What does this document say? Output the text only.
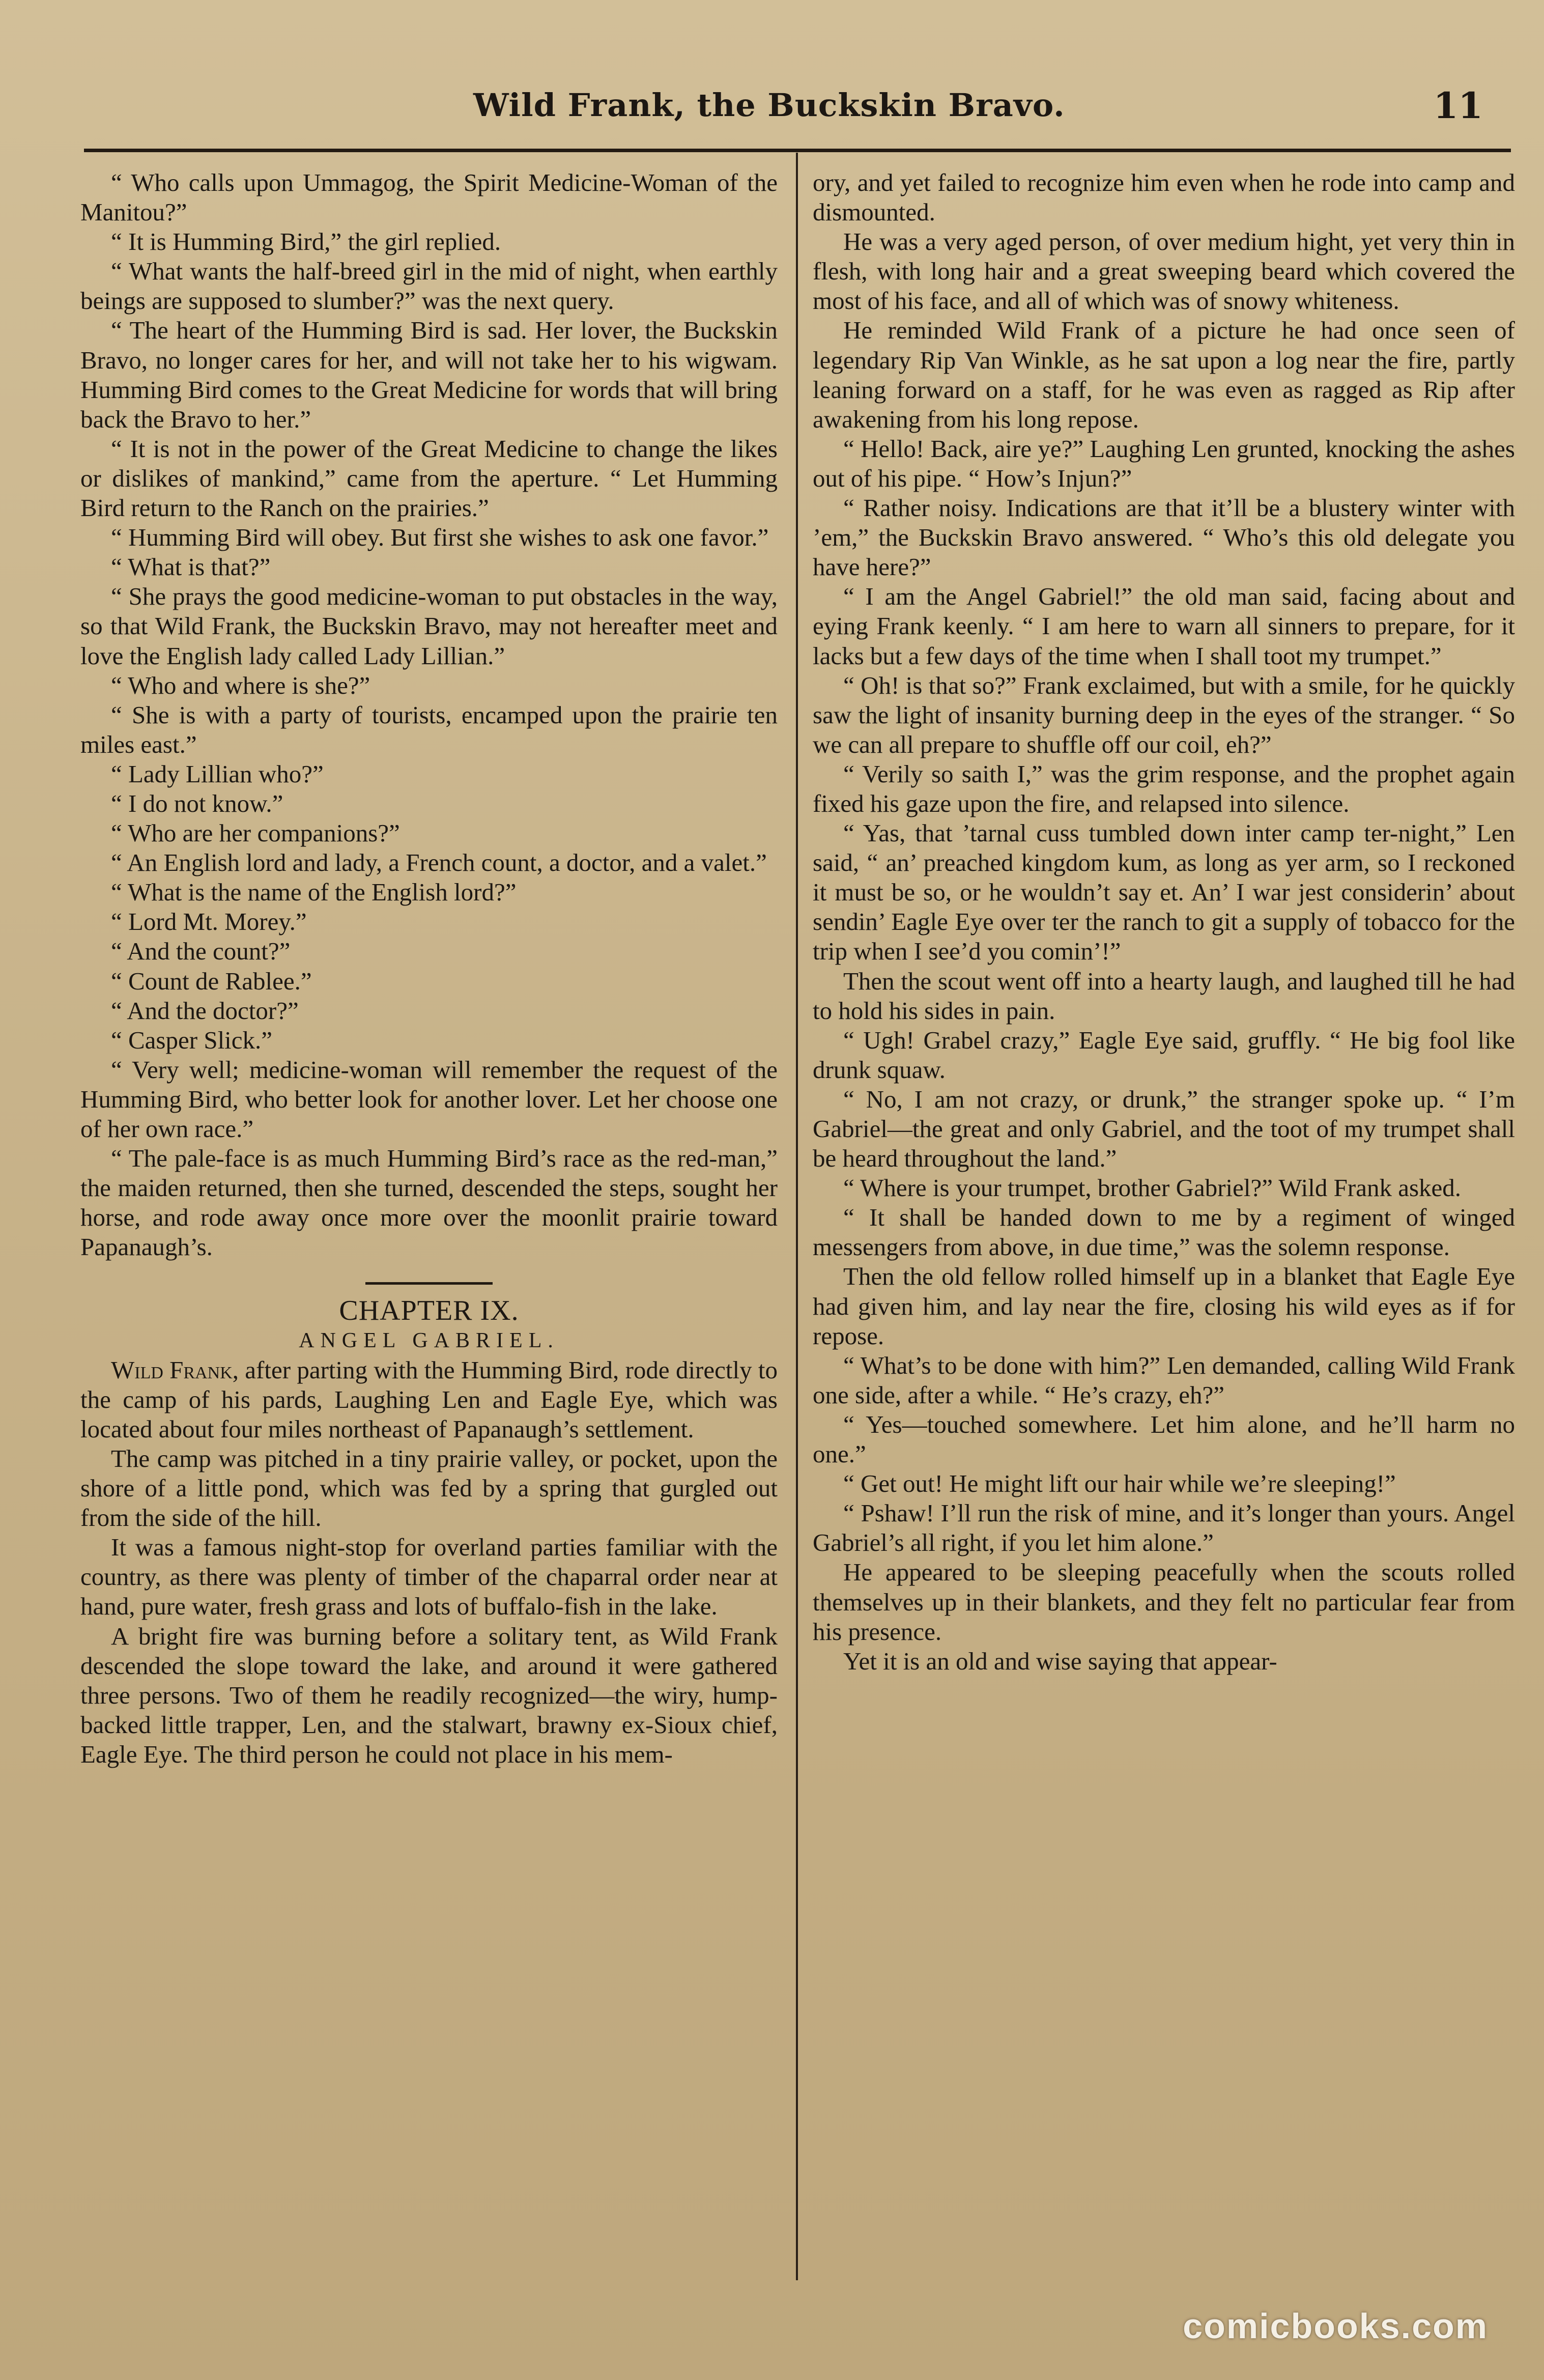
Wild Frank, the Buckskin Bravo.	11

“ Who calls upon Ummagog, the Spirit Medicine-Woman of the Manitou?”

“ It is Humming Bird,” the girl replied.

“ What wants the half-breed girl in the mid of night, when earthly beings are supposed to slumber?” was the next query.

“ The heart of the Humming Bird is sad. Her lover, the Buckskin Bravo, no longer cares for her, and will not take her to his wigwam. Humming Bird comes to the Great Medicine for words that will bring back the Bravo to her.”

“ It is not in the power of the Great Medicine to change the likes or dislikes of mankind,” came from the aperture. “ Let Humming Bird return to the Ranch on the prairies.”

“ Humming Bird will obey. But first she wishes to ask one favor.”

“ What is that?”

“ She prays the good medicine-woman to put obstacles in the way, so that Wild Frank, the Buckskin Bravo, may not hereafter meet and love the English lady called Lady Lillian.”

“ Who and where is she?”

“ She is with a party of tourists, encamped upon the prairie ten miles east.”

“ Lady Lillian who?”

“ I do not know.”

“ Who are her companions?”

“ An English lord and lady, a French count, a doctor, and a valet.”

“ What is the name of the English lord?”

“ Lord Mt. Morey.”

“ And the count?”

“ Count de Rablee.”

“ And the doctor?”

“ Casper Slick.”

“ Very well; medicine-woman will remember the request of the Humming Bird, who better look for another lover. Let her choose one of her own race.”

“ The pale-face is as much Humming Bird’s race as the red-man,” the maiden returned, then she turned, descended the steps, sought her horse, and rode away once more over the moonlit prairie toward Papanaugh’s.

CHAPTER IX.

ANGEL GABRIEL.

Wild Frank, after parting with the Humming Bird, rode directly to the camp of his pards, Laughing Len and Eagle Eye, which was located about four miles northeast of Papanaugh’s settlement.

The camp was pitched in a tiny prairie valley, or pocket, upon the shore of a little pond, which was fed by a spring that gurgled out from the side of the hill.

It was a famous night-stop for overland parties familiar with the country, as there was plenty of timber of the chaparral order near at hand, pure water, fresh grass and lots of buffalo-fish in the lake.

A bright fire was burning before a solitary tent, as Wild Frank descended the slope toward the lake, and around it were gathered three persons. Two of them he readily recognized—the wiry, hump-backed little trapper, Len, and the stalwart, brawny ex-Sioux chief, Eagle Eye. The third person he could not place in his mem-

ory, and yet failed to recognize him even when he rode into camp and dismounted.

He was a very aged person, of over medium hight, yet very thin in flesh, with long hair and a great sweeping beard which covered the most of his face, and all of which was of snowy whiteness.

He reminded Wild Frank of a picture he had once seen of legendary Rip Van Winkle, as he sat upon a log near the fire, partly leaning forward on a staff, for he was even as ragged as Rip after awakening from his long repose.

“ Hello! Back, aire ye?” Laughing Len grunted, knocking the ashes out of his pipe. “ How’s Injun?”

“ Rather noisy. Indications are that it’ll be a blustery winter with ’em,” the Buckskin Bravo answered. “ Who’s this old delegate you have here?”

“ I am the Angel Gabriel!” the old man said, facing about and eying Frank keenly. “ I am here to warn all sinners to prepare, for it lacks but a few days of the time when I shall toot my trumpet.”

“ Oh! is that so?” Frank exclaimed, but with a smile, for he quickly saw the light of insanity burning deep in the eyes of the stranger. “ So we can all prepare to shuffle off our coil, eh?”

“ Verily so saith I,” was the grim response, and the prophet again fixed his gaze upon the fire, and relapsed into silence.

“ Yas, that ’tarnal cuss tumbled down inter camp ter-night,” Len said, “ an’ preached kingdom kum, as long as yer arm, so I reckoned it must be so, or he wouldn’t say et. An’ I war jest considerin’ about sendin’ Eagle Eye over ter the ranch to git a supply of tobacco for the trip when I see’d you comin’!”

Then the scout went off into a hearty laugh, and laughed till he had to hold his sides in pain.

“ Ugh! Grabel crazy,” Eagle Eye said, gruffly. “ He big fool like drunk squaw.

“ No, I am not crazy, or drunk,” the stranger spoke up. “ I’m Gabriel—the great and only Gabriel, and the toot of my trumpet shall be heard throughout the land.”

“ Where is your trumpet, brother Gabriel?” Wild Frank asked.

“ It shall be handed down to me by a regiment of winged messengers from above, in due time,” was the solemn response.

Then the old fellow rolled himself up in a blanket that Eagle Eye had given him, and lay near the fire, closing his wild eyes as if for repose.

“ What’s to be done with him?” Len demanded, calling Wild Frank one side, after a while. “ He’s crazy, eh?”

“ Yes—touched somewhere. Let him alone, and he’ll harm no one.”

“ Get out! He might lift our hair while we’re sleeping!”

“ Pshaw! I’ll run the risk of mine, and it’s longer than yours. Angel Gabriel’s all right, if you let him alone.”

He appeared to be sleeping peacefully when the scouts rolled themselves up in their blankets, and they felt no particular fear from his presence.

Yet it is an old and wise saying that appear-

comicbooks.com
